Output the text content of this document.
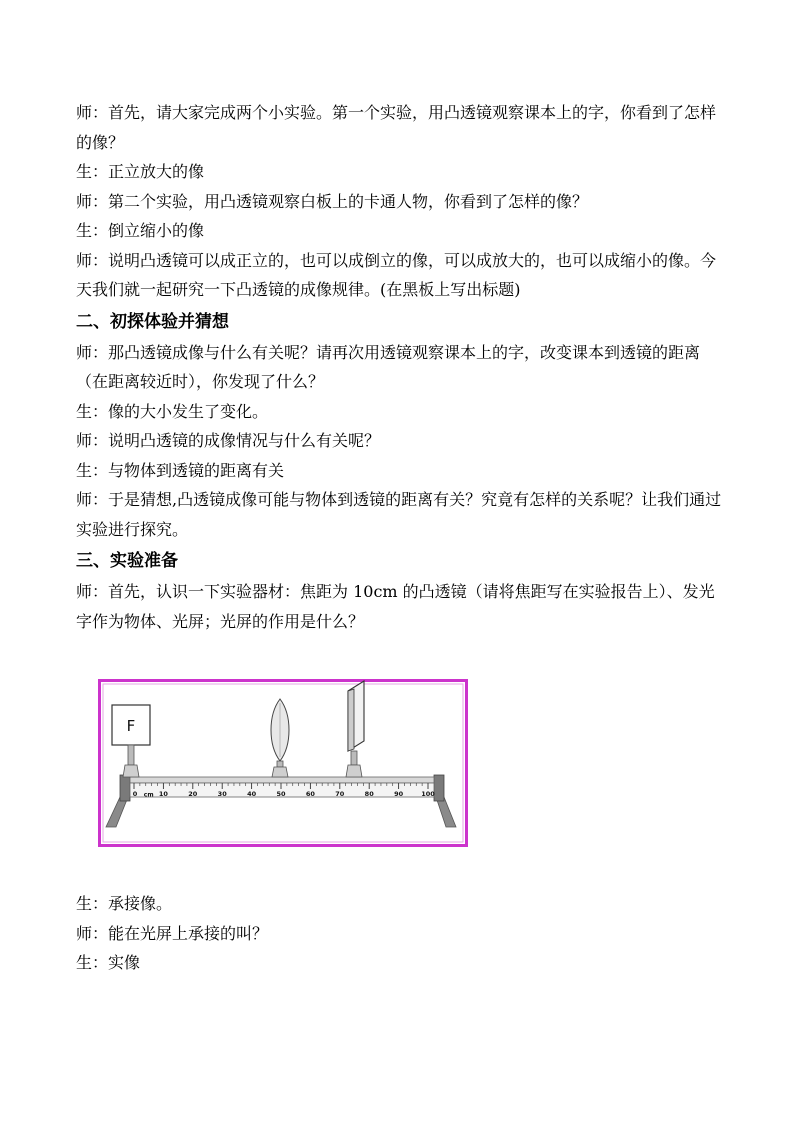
师：首先，请大家完成两个小实验。第一个实验，用凸透镜观察课本上的字，你看到了怎样的像？

生：正立放大的像

师：第二个实验，用凸透镜观察白板上的卡通人物，你看到了怎样的像？

生：倒立缩小的像

师：说明凸透镜可以成正立的，也可以成倒立的像，可以成放大的，也可以成缩小的像。今天我们就一起研究一下凸透镜的成像规律。(在黑板上写出标题)

二、初探体验并猜想

师：那凸透镜成像与什么有关呢？请再次用透镜观察课本上的字，改变课本到透镜的距离（在距离较近时），你发现了什么？

生：像的大小发生了变化。

师：说明凸透镜的成像情况与什么有关呢？

生：与物体到透镜的距离有关

师：于是猜想,凸透镜成像可能与物体到透镜的距离有关？究竟有怎样的关系呢？让我们通过实验进行探究。

三、实验准备

师：首先，认识一下实验器材：焦距为 10cm 的凸透镜（请将焦距写在实验报告上）、发光字作为物体、光屏；光屏的作用是什么？

0	10	20	30	40	50	60	70	80	90	100
cm
F

生：承接像。

师：能在光屏上承接的叫？

生：实像
